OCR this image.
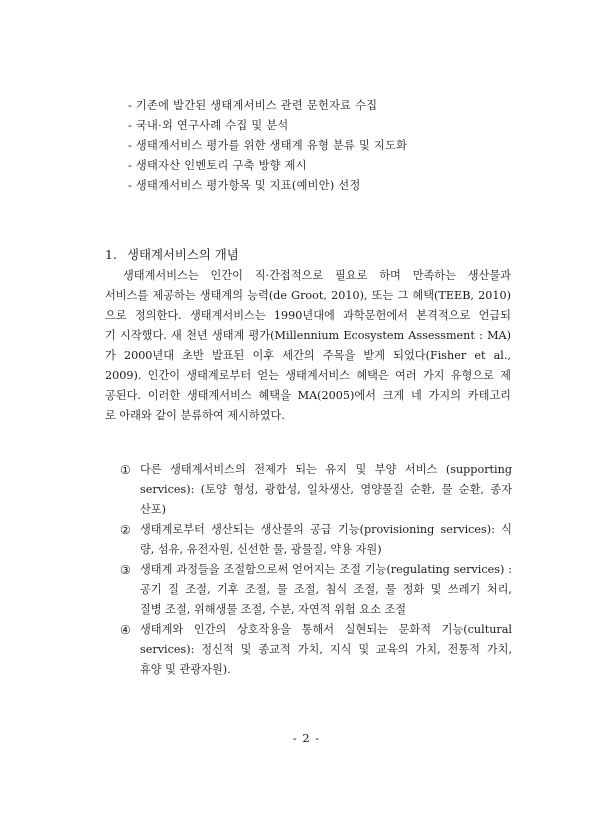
- 기존에 발간된 생태계서비스 관련 문헌자료 수집
- 국내·외 연구사례 수집 및 분석
- 생태계서비스 평가를 위한 생태계 유형 분류 및 지도화
- 생태자산 인벤토리 구축 방향 제시
- 생태계서비스 평가항목 및 지표(예비안) 선정
1. 생태계서비스의 개념
생태계서비스는 인간이 직·간접적으로 필요로 하며 만족하는 생산물과
서비스를 제공하는 생태계의 능력(de Groot, 2010), 또는 그 혜택(TEEB, 2010)
으로 정의한다. 생태계서비스는 1990년대에 과학문헌에서 본격적으로 언급되
기 시작했다. 새 천년 생태계 평가(Millennium Ecosystem Assessment : MA)
가 2000년대 초반 발표된 이후 세간의 주목을 받게 되었다(Fisher et al.,
2009). 인간이 생태계로부터 얻는 생태계서비스 혜택은 여러 가지 유형으로 제
공된다. 이러한 생태계서비스 혜택을 MA(2005)에서 크게 네 가지의 카테고리
로 아래와 같이 분류하여 제시하였다.
① 다른 생태계서비스의 전제가 되는 유지 및 부양 서비스 (supporting
services): (토양 형성, 광합성, 일차생산, 영양물질 순환, 물 순환, 종자
산포)
② 생태계로부터 생산되는 생산물의 공급 기능(provisioning services): 식
량, 섬유, 유전자원, 신선한 물, 광물질, 약용 자원)
③ 생태계 과정들을 조절함으로써 얻어지는 조절 기능(regulating services) :
공기 질 조절, 기후 조절, 물 조절, 침식 조절, 물 정화 및 쓰레기 처리,
질병 조절, 위해생물 조절, 수분, 자연적 위험 요소 조절
④ 생태계와 인간의 상호작용을 통해서 실현되는 문화적 기능(cultural
services): 정신적 및 종교적 가치, 지식 및 교육의 가치, 전통적 가치,
휴양 및 관광자원).
- 2 -
